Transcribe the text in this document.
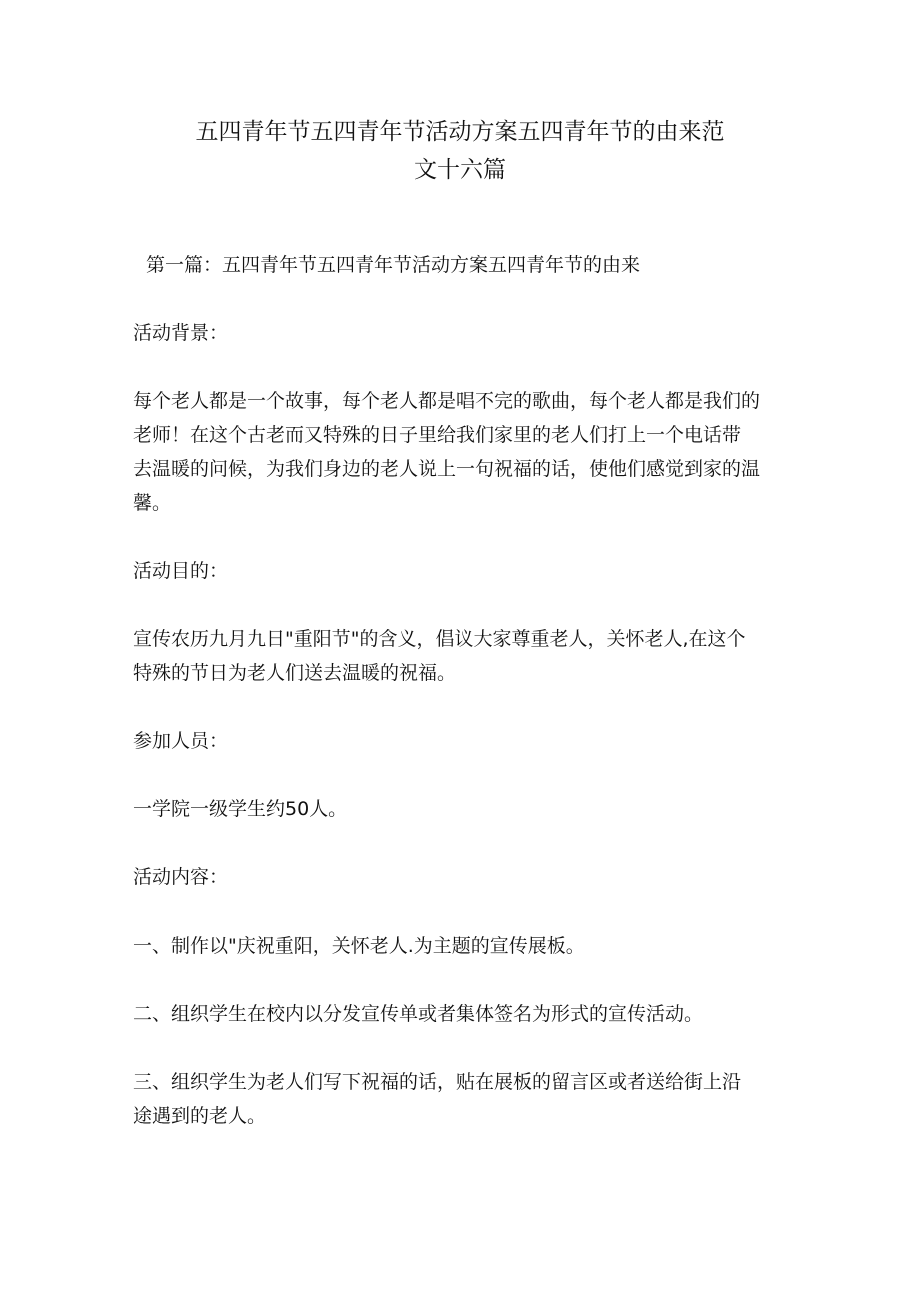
五四青年节五四青年节活动方案五四青年节的由来范
文十六篇

第一篇：五四青年节五四青年节活动方案五四青年节的由来

活动背景：

每个老人都是一个故事，每个老人都是唱不完的歌曲，每个老人都是我们的
老师！在这个古老而又特殊的日子里给我们家里的老人们打上一个电话带
去温暖的问候，为我们身边的老人说上一句祝福的话，使他们感觉到家的温
馨。

活动目的：

宣传农历九月九日"重阳节"的含义，倡议大家尊重老人，关怀老人,在这个
特殊的节日为老人们送去温暖的祝福。

参加人员：

一学院一级学生约50人。

活动内容：

一、制作以"庆祝重阳，关怀老人.为主题的宣传展板。

二、组织学生在校内以分发宣传单或者集体签名为形式的宣传活动。

三、组织学生为老人们写下祝福的话，贴在展板的留言区或者送给街上沿
途遇到的老人。
